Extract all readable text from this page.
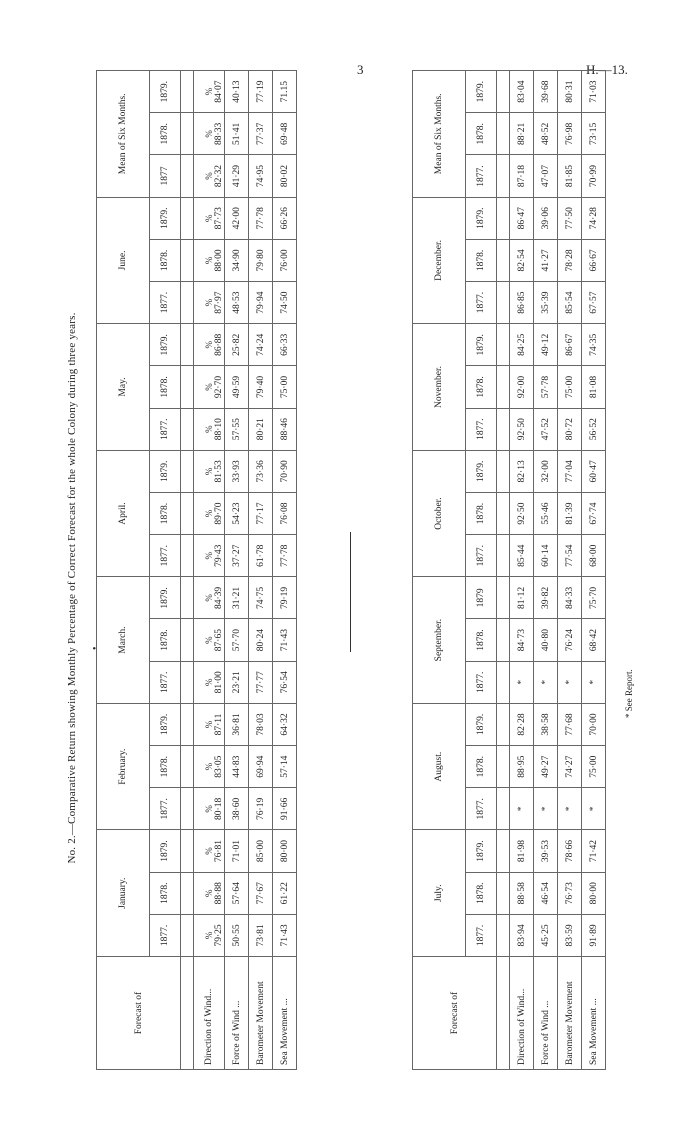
3	H.—13.
No. 2.—Comparative Return showing Monthly Percentage of Correct Forecast for the whole Colony during three years. •
Forecast of	January.			February.			March.			April.			May.			June.			Mean of Six Months.		
	1877.	1878.	1879.	1877.	1878.	1879.	1877.	1878.	1879.	1877.	1878.	1879.	1877.	1878.	1879.	1877.	1878.	1879.	1877	1878.	1879.

Direction of Wind...	% 79·25	% 88·88	% 76·81	% 80·18	% 83·05	% 87·11	% 81·00	% 87·65	% 84·39	% 79·43	% 89·70	% 81·53	% 88·10	% 92·70	% 86·88	% 87·97	% 88·00	% 87·73	% 82·32	% 88·33	% 84·07
Force of Wind ...	50·55	57·64	71·01	38·60	44·83	36·81	23·21	57·70	31·21	37·27	54·23	33·93	57·55	49·59	25·82	48·53	34·90	42·00	41·29	51·41	40·13
Barometer Movement	73·81	77·67	85·00	76·19	69·94	78·03	77·77	80·24	74·75	61·78	77·17	73·36	80·21	79·40	74·24	79·94	79·80	77·78	74·95	77·37	77·19
Sea Movement ...	71·43	61·22	80·00	91·66	57·14	64·32	76·54	71·43	79·19	77·78	76·08	70·90	88·46	75·00	66·33	74·50	76·00	66·26	80·02	69·48	71.15
Forecast of	July.			August.			September.			October.			November.			December.			Mean of Six Months.		
	1877.	1878.	1879.	1877.	1878.	1879.	1877.	1878.	1879	1877.	1878.	1879.	1877.	1878.	1879.	1877.	1878.	1879.	1877.	1878.	1879.

Direction of Wind...	83·94	88·58	81·98	*	88·95	82·28	*	84·73	81·12	85·44	92·50	82·13	92·50	92·00	84·25	86·85	82·54	86·47	87·18	88·21	83·04
Force of Wind ...	45·25	46·54	39·53	*	49·27	38·58	*	40·80	39·82	60·14	55·46	32·00	47·52	57·78	49·12	35·39	41·27	39·06	47·07	48·52	39·68
Barometer Movement	83·59	76·73	78·66	*	74·27	77·68	*	76·24	84·33	77·54	81·39	77·04	80·72	75·00	86·67	85·54	78·28	77·50	81·85	76·98	80·31
Sea Movement ...	91·89	80·00	71·42	*	75·00	70·00	*	68·42	75·70	68·00	67·74	60·47	56·52	81·08	74·35	67·57	66·67	74·28	70·99	73·15	71·03
* See Report.
